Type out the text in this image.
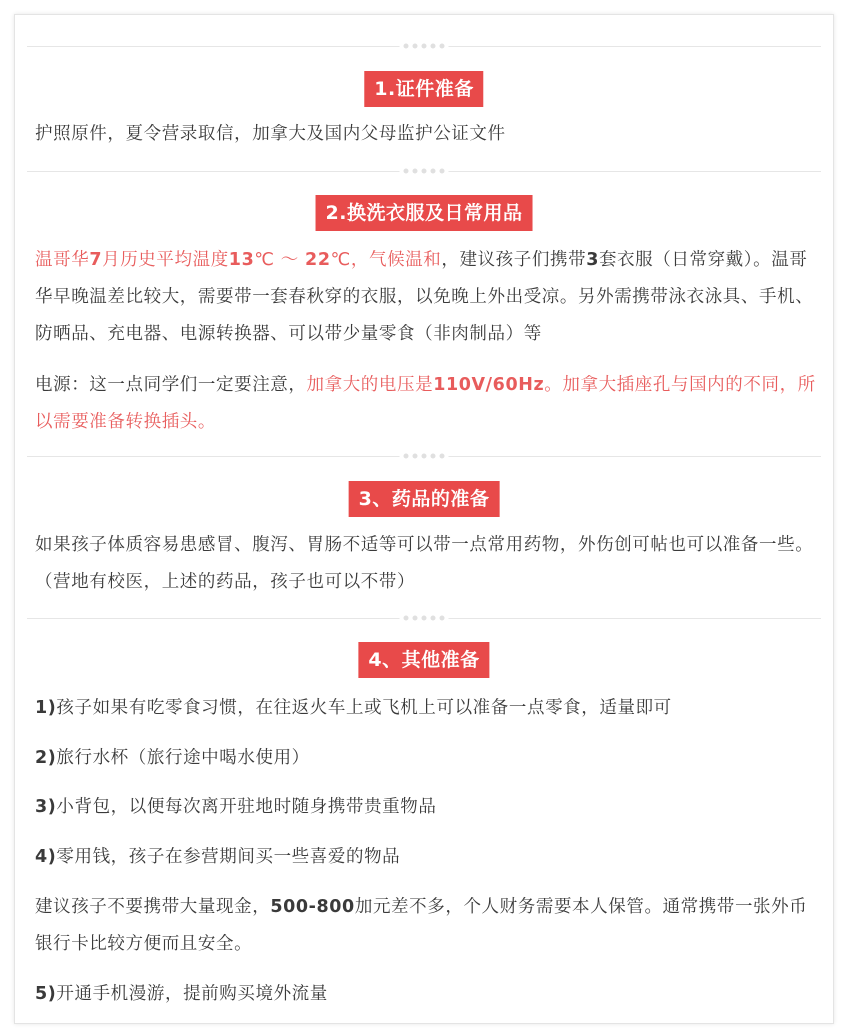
1.证件准备
护照原件，夏令营录取信，加拿大及国内父母监护公证文件
2.换洗衣服及日常用品
温哥华7月历史平均温度13℃ ～ 22℃，气候温和，建议孩子们携带3套衣服（日常穿戴）。温哥华早晚温差比较大，需要带一套春秋穿的衣服，以免晚上外出受凉。另外需携带泳衣泳具、手机、防晒品、充电器、电源转换器、可以带少量零食（非肉制品）等
电源：这一点同学们一定要注意，加拿大的电压是110V/60Hz。加拿大插座孔与国内的不同，所以需要准备转换插头。
3、药品的准备
如果孩子体质容易患感冒、腹泻、胃肠不适等可以带一点常用药物，外伤创可帖也可以准备一些。（营地有校医，上述的药品，孩子也可以不带）
4、其他准备
1)孩子如果有吃零食习惯，在往返火车上或飞机上可以准备一点零食，适量即可
2)旅行水杯（旅行途中喝水使用）
3)小背包，以便每次离开驻地时随身携带贵重物品
4)零用钱，孩子在参营期间买一些喜爱的物品
建议孩子不要携带大量现金，500-800加元差不多，个人财务需要本人保管。通常携带一张外币银行卡比较方便而且安全。
5)开通手机漫游，提前购买境外流量
